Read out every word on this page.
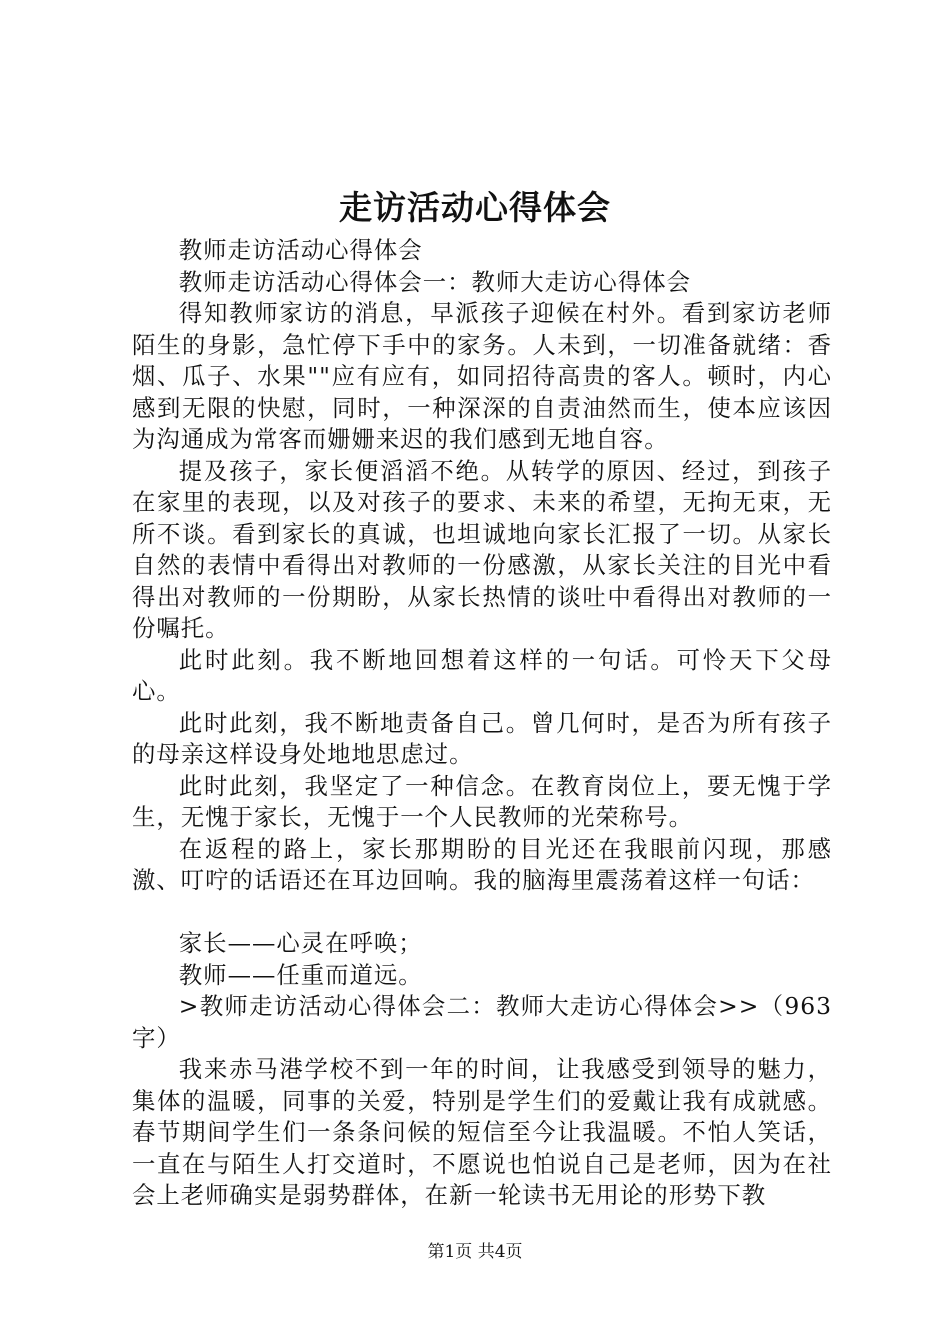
走访活动心得体会

教师走访活动心得体会

教师走访活动心得体会一：教师大走访心得体会

得知教师家访的消息，早派孩子迎候在村外。看到家访老师陌生的身影，急忙停下手中的家务。人未到，一切准备就绪：香烟、瓜子、水果""应有应有，如同招待高贵的客人。顿时，内心感到无限的快慰，同时，一种深深的自责油然而生，使本应该因为沟通成为常客而姗姗来迟的我们感到无地自容。

提及孩子，家长便滔滔不绝。从转学的原因、经过，到孩子在家里的表现，以及对孩子的要求、未来的希望，无拘无束，无所不谈。看到家长的真诚，也坦诚地向家长汇报了一切。从家长自然的表情中看得出对教师的一份感激，从家长关注的目光中看得出对教师的一份期盼，从家长热情的谈吐中看得出对教师的一份嘱托。

此时此刻。我不断地回想着这样的一句话。可怜天下父母心。

此时此刻，我不断地责备自己。曾几何时，是否为所有孩子的母亲这样设身处地地思虑过。

此时此刻，我坚定了一种信念。在教育岗位上，要无愧于学生，无愧于家长，无愧于一个人民教师的光荣称号。

在返程的路上，家长那期盼的目光还在我眼前闪现，那感激、叮咛的话语还在耳边回响。我的脑海里震荡着这样一句话：

家长——心灵在呼唤；

教师——任重而道远。

>教师走访活动心得体会二：教师大走访心得体会>>（963字）

我来赤马港学校不到一年的时间，让我感受到领导的魅力，集体的温暖，同事的关爱，特别是学生们的爱戴让我有成就感。春节期间学生们一条条问候的短信至今让我温暖。不怕人笑话，一直在与陌生人打交道时，不愿说也怕说自己是老师，因为在社会上老师确实是弱势群体，在新一轮读书无用论的形势下教

第1页 共4页
